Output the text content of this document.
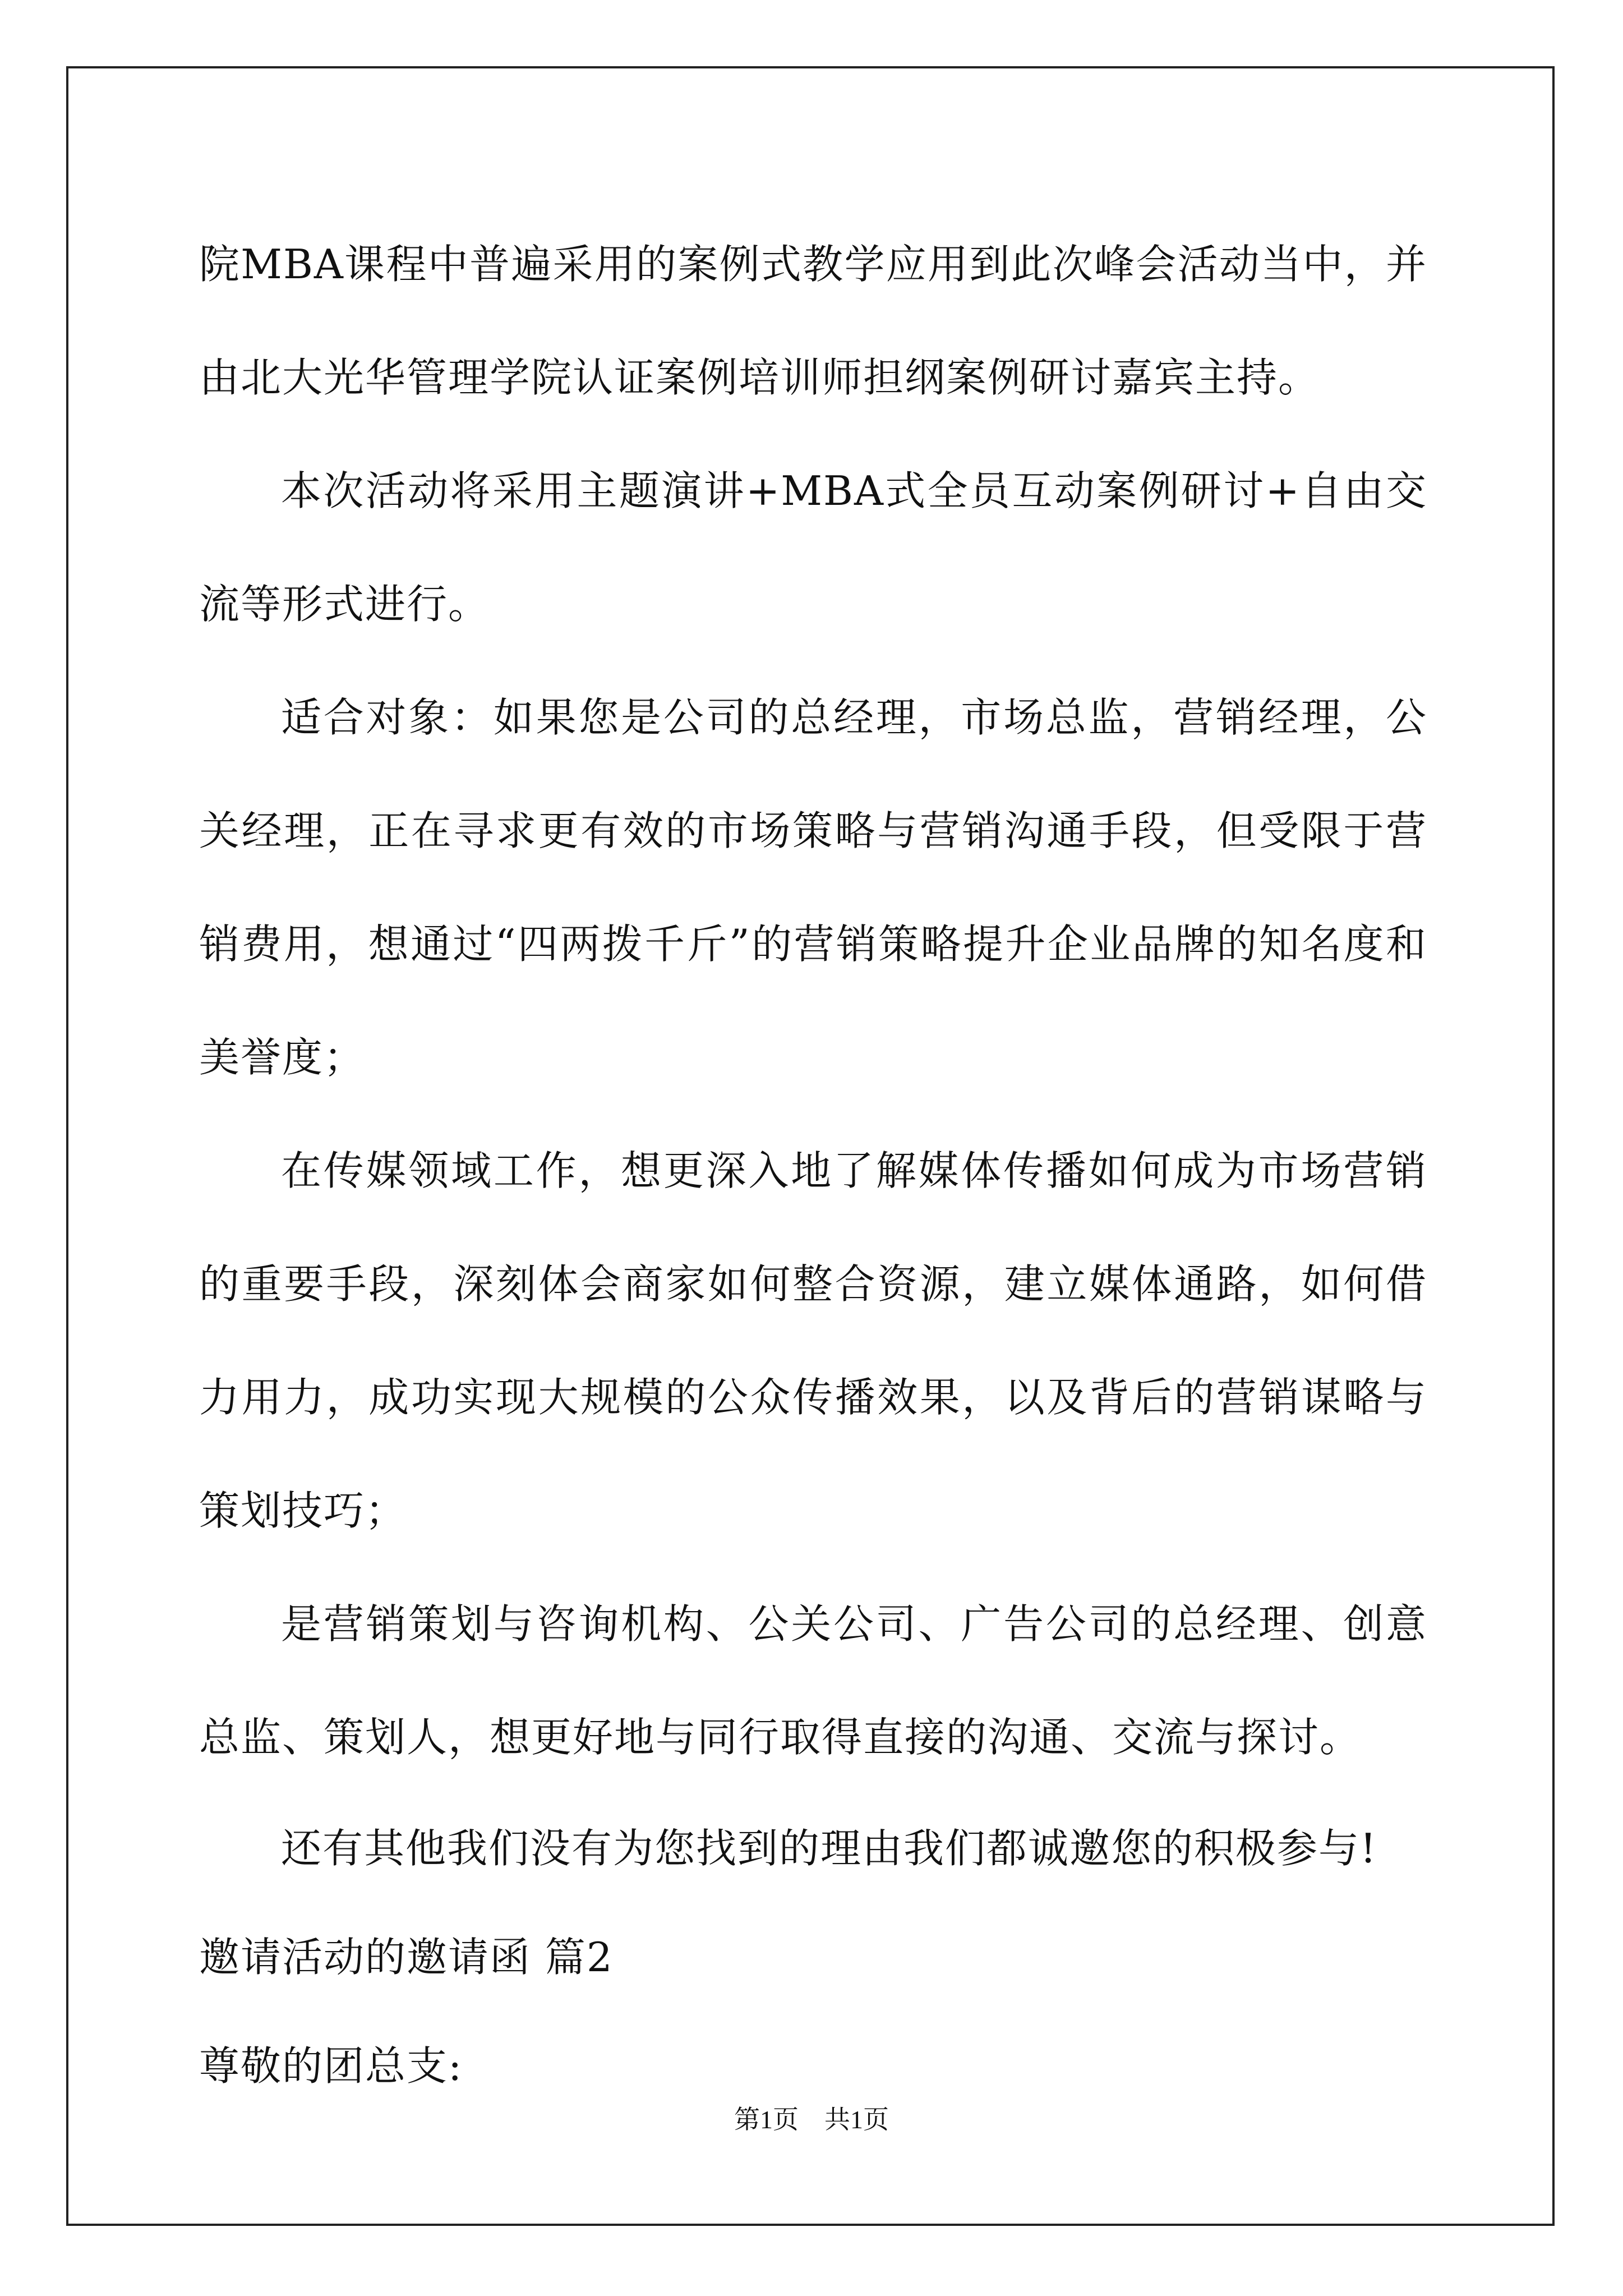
院MBA课程中普遍采用的案例式教学应用到此次峰会活动当中，并由北大光华管理学院认证案例培训师担纲案例研讨嘉宾主持。

本次活动将采用主题演讲+MBA式全员互动案例研讨+自由交流等形式进行。

适合对象：如果您是公司的总经理，市场总监，营销经理，公关经理，正在寻求更有效的市场策略与营销沟通手段，但受限于营销费用，想通过“四两拨千斤”的营销策略提升企业品牌的知名度和美誉度；

在传媒领域工作，想更深入地了解媒体传播如何成为市场营销的重要手段，深刻体会商家如何整合资源，建立媒体通路，如何借力用力，成功实现大规模的公众传播效果，以及背后的营销谋略与策划技巧；

是营销策划与咨询机构、公关公司、广告公司的总经理、创意总监、策划人，想更好地与同行取得直接的沟通、交流与探讨。

还有其他我们没有为您找到的理由我们都诚邀您的积极参与!

邀请活动的邀请函 篇2

尊敬的团总支:

第1页　共1页
